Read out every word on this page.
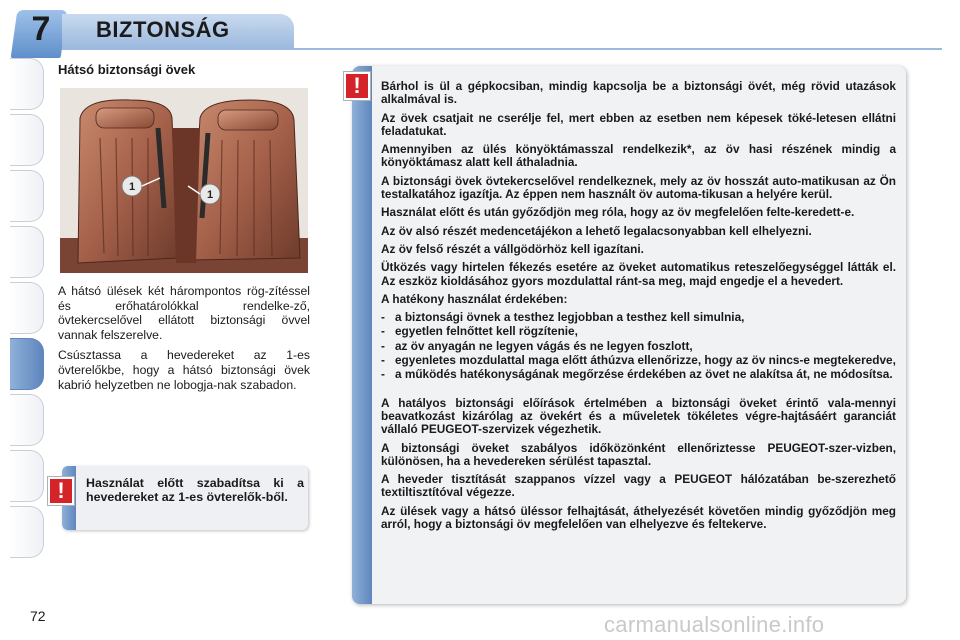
7	BIZTONSÁG
Hátsó biztonsági övek
1
1

A hátsó ülések két hárompontos rög-zítéssel és erőhatárolókkal rendelke-ző, övtekercselővel ellátott biztonsági övvel vannak felszerelve.

Csúsztassa a hevedereket az 1-es övterelőkbe, hogy a hátsó biztonsági övek kabrió helyzetben ne lobogja-nak szabadon.

!	Használat előtt szabadítsa ki a hevedereket az 1-es övterelők-ből.
!	Bárhol is ül a gépkocsiban, mindig kapcsolja be a biztonsági övét, még rövid utazások alkalmával is.

Az övek csatjait ne cserélje fel, mert ebben az esetben nem képesek töké-letesen ellátni feladatukat.

Amennyiben az ülés könyöktámasszal rendelkezik*, az öv hasi részének mindig a könyöktámasz alatt kell áthaladnia.

A biztonsági övek övtekercselővel rendelkeznek, mely az öv hosszát auto-matikusan az Ön testalkatához igazítja. Az éppen nem használt öv automa-tikusan a helyére kerül.

Használat előtt és után győződjön meg róla, hogy az öv megfelelően felte-keredett-e.

Az öv alsó részét medencetájékon a lehető legalacsonyabban kell elhelyezni.

Az öv felső részét a vállgödörhöz kell igazítani.

Ütközés vagy hirtelen fékezés esetére az öveket automatikus reteszelőegységgel látták el. Az eszköz kioldásához gyors mozdulattal ránt-sa meg, majd engedje el a hevedert.

A hatékony használat érdekében:

- a biztonsági övnek a testhez legjobban a testhez kell simulnia,
- egyetlen felnőttet kell rögzítenie,
- az öv anyagán ne legyen vágás és ne legyen foszlott,
- egyenletes mozdulattal maga előtt áthúzva ellenőrizze, hogy az öv nincs-e megtekeredve,
- a működés hatékonyságának megőrzése érdekében az övet ne alakítsa át, ne módosítsa.

A hatályos biztonsági előírások értelmében a biztonsági öveket érintő vala-mennyi beavatkozást kizárólag az övekért és a műveletek tökéletes végre-hajtásáért garanciát vállaló PEUGEOT-szervizek végezhetik.

A biztonsági öveket szabályos időközönként ellenőriztesse PEUGEOT-szer-vizben, különösen, ha a hevedereken sérülést tapasztal.

A heveder tisztítását szappanos vízzel vagy a PEUGEOT hálózatában be-szerezhető textiltisztítóval végezze.

Az ülések vagy a hátsó üléssor felhajtását, áthelyezését követően mindig győződjön meg arról, hogy a biztonsági öv megfelelően van elhelyezve és feltekerve.

72	carmanualsonline.info
